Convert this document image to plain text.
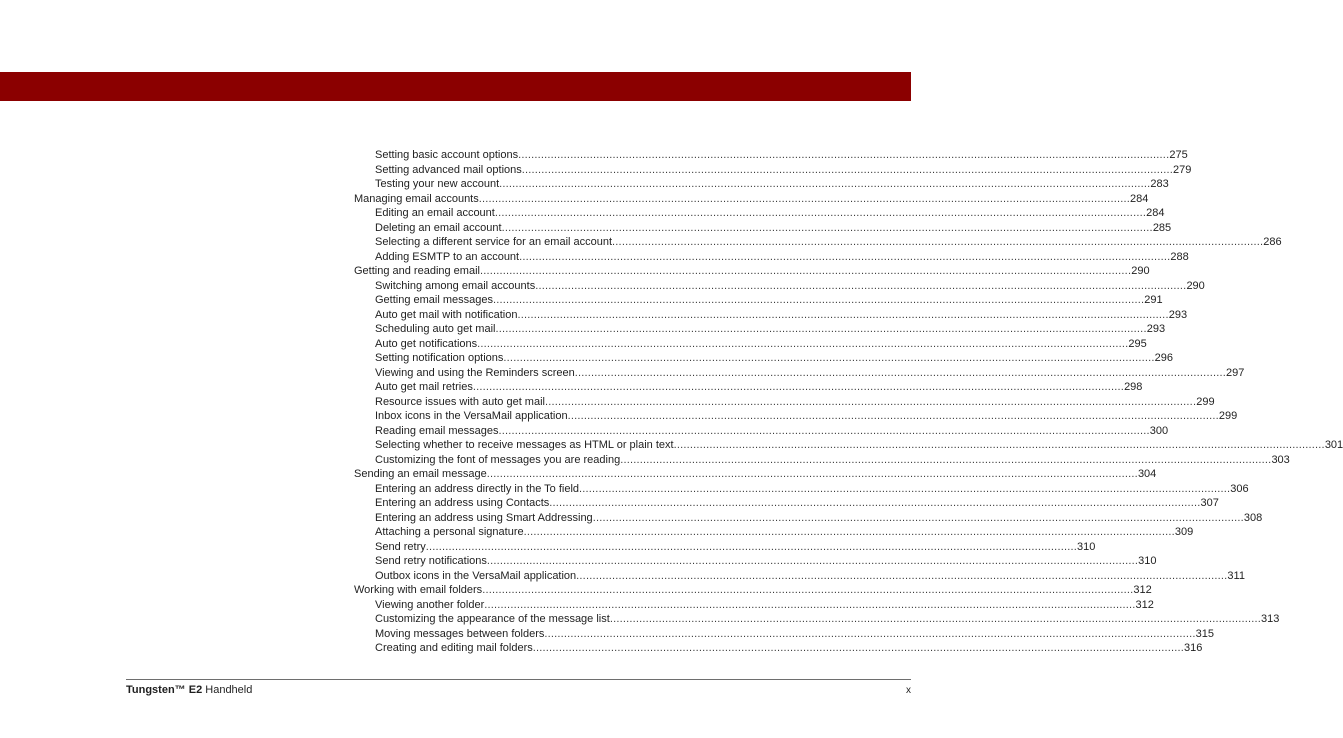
Setting basic account options ........................................................................................................................................................................................................ 275
Setting advanced mail options ........................................................................................................................................................................................................ 279
Testing your new account ........................................................................................................................................................................................................ 283
Managing email accounts ........................................................................................................................................................................................................ 284
Editing an email account ........................................................................................................................................................................................................ 284
Deleting an email account ........................................................................................................................................................................................................ 285
Selecting a different service for an email account ........................................................................................................................................................................................................ 286
Adding ESMTP to an account ........................................................................................................................................................................................................ 288
Getting and reading email ........................................................................................................................................................................................................ 290
Switching among email accounts ........................................................................................................................................................................................................ 290
Getting email messages ........................................................................................................................................................................................................ 291
Auto get mail with notification ........................................................................................................................................................................................................ 293
Scheduling auto get mail ........................................................................................................................................................................................................ 293
Auto get notifications ........................................................................................................................................................................................................ 295
Setting notification options ........................................................................................................................................................................................................ 296
Viewing and using the Reminders screen ........................................................................................................................................................................................................ 297
Auto get mail retries ........................................................................................................................................................................................................ 298
Resource issues with auto get mail ........................................................................................................................................................................................................ 299
Inbox icons in the VersaMail application ........................................................................................................................................................................................................ 299
Reading email messages ........................................................................................................................................................................................................ 300
Selecting whether to receive messages as HTML or plain text ........................................................................................................................................................................................................ 301
Customizing the font of messages you are reading ........................................................................................................................................................................................................ 303
Sending an email message ........................................................................................................................................................................................................ 304
Entering an address directly in the To field ........................................................................................................................................................................................................ 306
Entering an address using Contacts ........................................................................................................................................................................................................ 307
Entering an address using Smart Addressing ........................................................................................................................................................................................................ 308
Attaching a personal signature ........................................................................................................................................................................................................ 309
Send retry ........................................................................................................................................................................................................ 310
Send retry notifications ........................................................................................................................................................................................................ 310
Outbox icons in the VersaMail application ........................................................................................................................................................................................................ 311
Working with email folders ........................................................................................................................................................................................................ 312
Viewing another folder ........................................................................................................................................................................................................ 312
Customizing the appearance of the message list ........................................................................................................................................................................................................ 313
Moving messages between folders ........................................................................................................................................................................................................ 315
Creating and editing mail folders ........................................................................................................................................................................................................ 316
Tungsten™ E2 Handheld	x
